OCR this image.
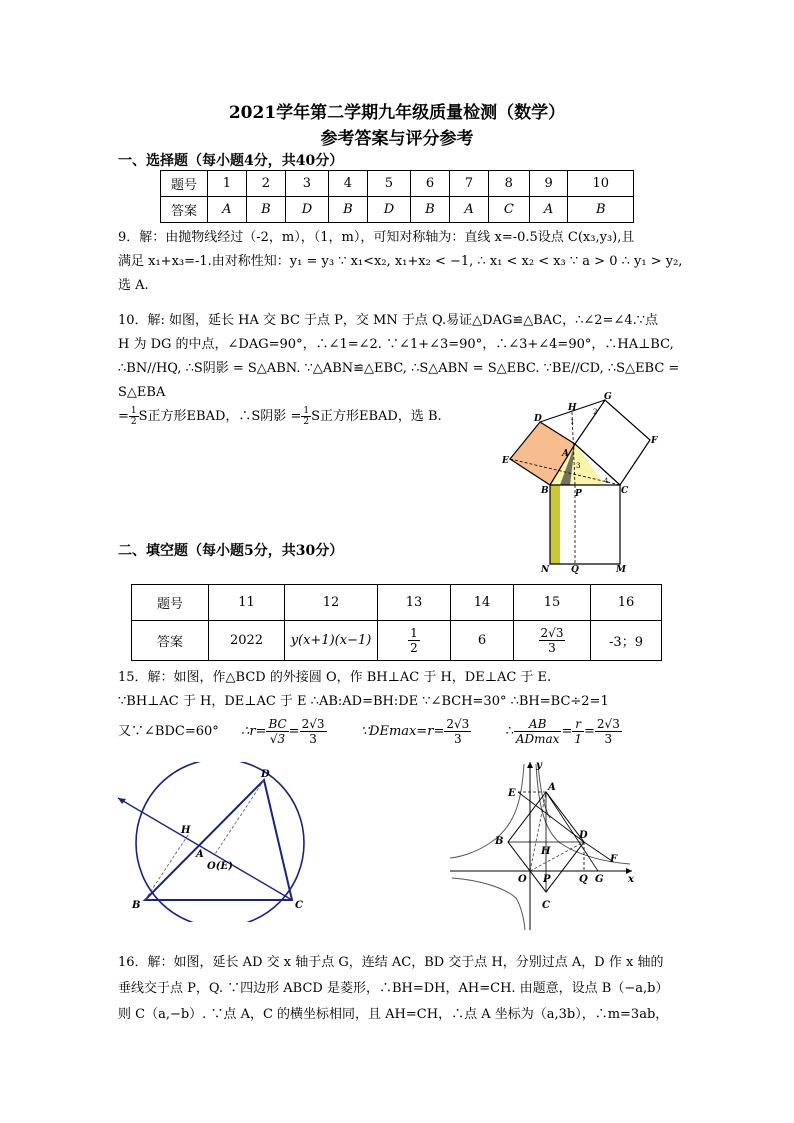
2021学年第二学期九年级质量检测（数学）
参考答案与评分参考
一、选择题（每小题4分，共40分）
题号	1	2	3	4	5	6	7	8	9	10
答案	A	B	D	B	D	B	A	C	A	B
9．解：由抛物线经过（-2，m），（1，m），可知对称轴为：直线 x=-0.5设点 C(x₃,y₃),且
满足 x₁+x₃=-1.由对称性知：y₁ = y₃ ∵ x₁<x₂, x₁+x₂ < −1, ∴ x₁ < x₂ < x₃ ∵ a > 0 ∴ y₁ > y₂,
选 A.
10．解: 如图，延长 HA 交 BC 于点 P，交 MN 于点 Q.易证△DAG≌△BAC，∴∠2=∠4.∵点
H 为 DG 的中点，∠DAG=90°，∴∠1=∠2. ∵∠1+∠3=90°，∴∠3+∠4=90°，∴HA⊥BC,
∴BN//HQ, ∴S阴影 = S△ABN. ∵△ABN≌△EBC, ∴S△ABN = S△EBC. ∵BE//CD, ∴S△EBC = S△EBA
= $\frac{1}{2}$ S正方形EBAD，∴S阴影 = $\frac{1}{2}$ S正方形EBAD，选 B.	D
H
G
E
A
F
B	P	C
N Q	M
1
2
3
4
二、填空题（每小题5分，共30分）
题号	11	12	13	14	15	16
答案	2022	y(x+1)(x−1)	$\frac{1}{2}$	6	$\frac{2√3}{3}$	-3；9
15．解：如图，作△BCD 的外接圆 O，作 BH⊥AC 于 H，DE⊥AC 于 E.
∵BH⊥AC 于 H，DE⊥AC 于 E ∴AB:AD=BH:DE ∵∠BCH=30° ∴BH=BC÷2=1
又∵∠BDC=60° ∴r= $\frac{BC}{√3} = \frac{2√3}{3}$	∵DEmax=r= $\frac{2√3}{3}$	∴ $\frac{AB}{ADmax} = \frac{r}{1} = \frac{2√3}{3}$
D
H
A
O(E)
B	C
y
E
A
B
D
H
F
O P	Q G x
C
16．解：如图，延长 AD 交 x 轴于点 G，连结 AC，BD 交于点 H，分别过点 A，D 作 x 轴的
垂线交于点 P，Q. ∵四边形 ABCD 是菱形，∴BH=DH，AH=CH. 由题意，设点 B（−a,b）
则 C（a,−b）. ∵点 A，C 的横坐标相同，且 AH=CH，∴点 A 坐标为（a,3b），∴m=3ab，
